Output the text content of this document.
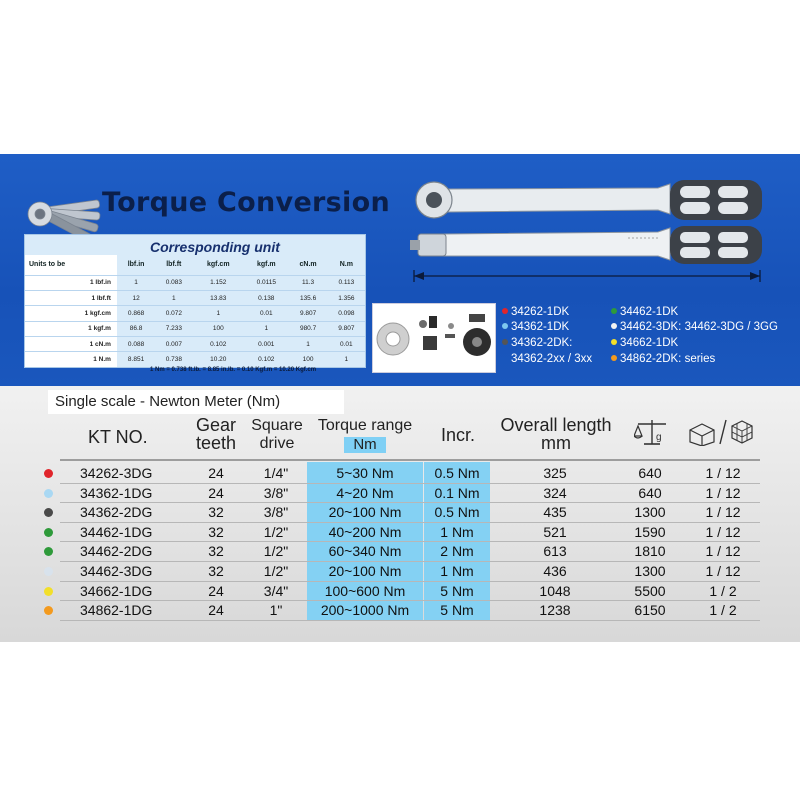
Torque Conversion
Units to be	lbf.in	lbf.ft	kgf.cm	kgf.m	cN.m	N.m
1 lbf.in	1	0.083	1.152	0.0115	11.3	0.113
1 lbf.ft	12	1	13.83	0.138	135.6	1.356
1 kgf.cm	0.868	0.072	1	0.01	9.807	0.098
1 kgf.m	86.8	7.233	100	1	980.7	9.807
1 cN.m	0.088	0.007	0.102	0.001	1	0.01
1 N.m	8.851	0.738	10.20	0.102	100	1
Corresponding unit
1 Nm = 0.738 ft.lb. = 8.85 in.lb. = 0.10 Kgf.m = 10.20 Kgf.cm
34262-1DK
34362-1DK
34362-2DK:
34362-2xx / 3xx
34462-1DK
34462-3DK: 34462-3DG / 3GG
34662-1DK
34862-2DK: series
Single scale - Newton Meter (Nm)
KT NO.
Gear
teeth
Square
drive
Torque range
Nm	Incr.	Overall length
mm	g
34262-3DG	24	1/4"	5~30 Nm	0.5 Nm	325	640	1 / 12
34362-1DG	24	3/8"	4~20 Nm	0.1 Nm	324	640	1 / 12
34362-2DG	32	3/8"	20~100 Nm	0.5 Nm	435	1300	1 / 12
34462-1DG	32	1/2"	40~200 Nm	1 Nm	521	1590	1 / 12
34462-2DG	32	1/2"	60~340 Nm	2 Nm	613	1810	1 / 12
34462-3DG	32	1/2"	20~100 Nm	1 Nm	436	1300	1 / 12
34662-1DG	24	3/4"	100~600 Nm	5 Nm	1048	5500	1 / 2
34862-1DG	24	1"	200~1000 Nm	5 Nm	1238	6150	1 / 2
